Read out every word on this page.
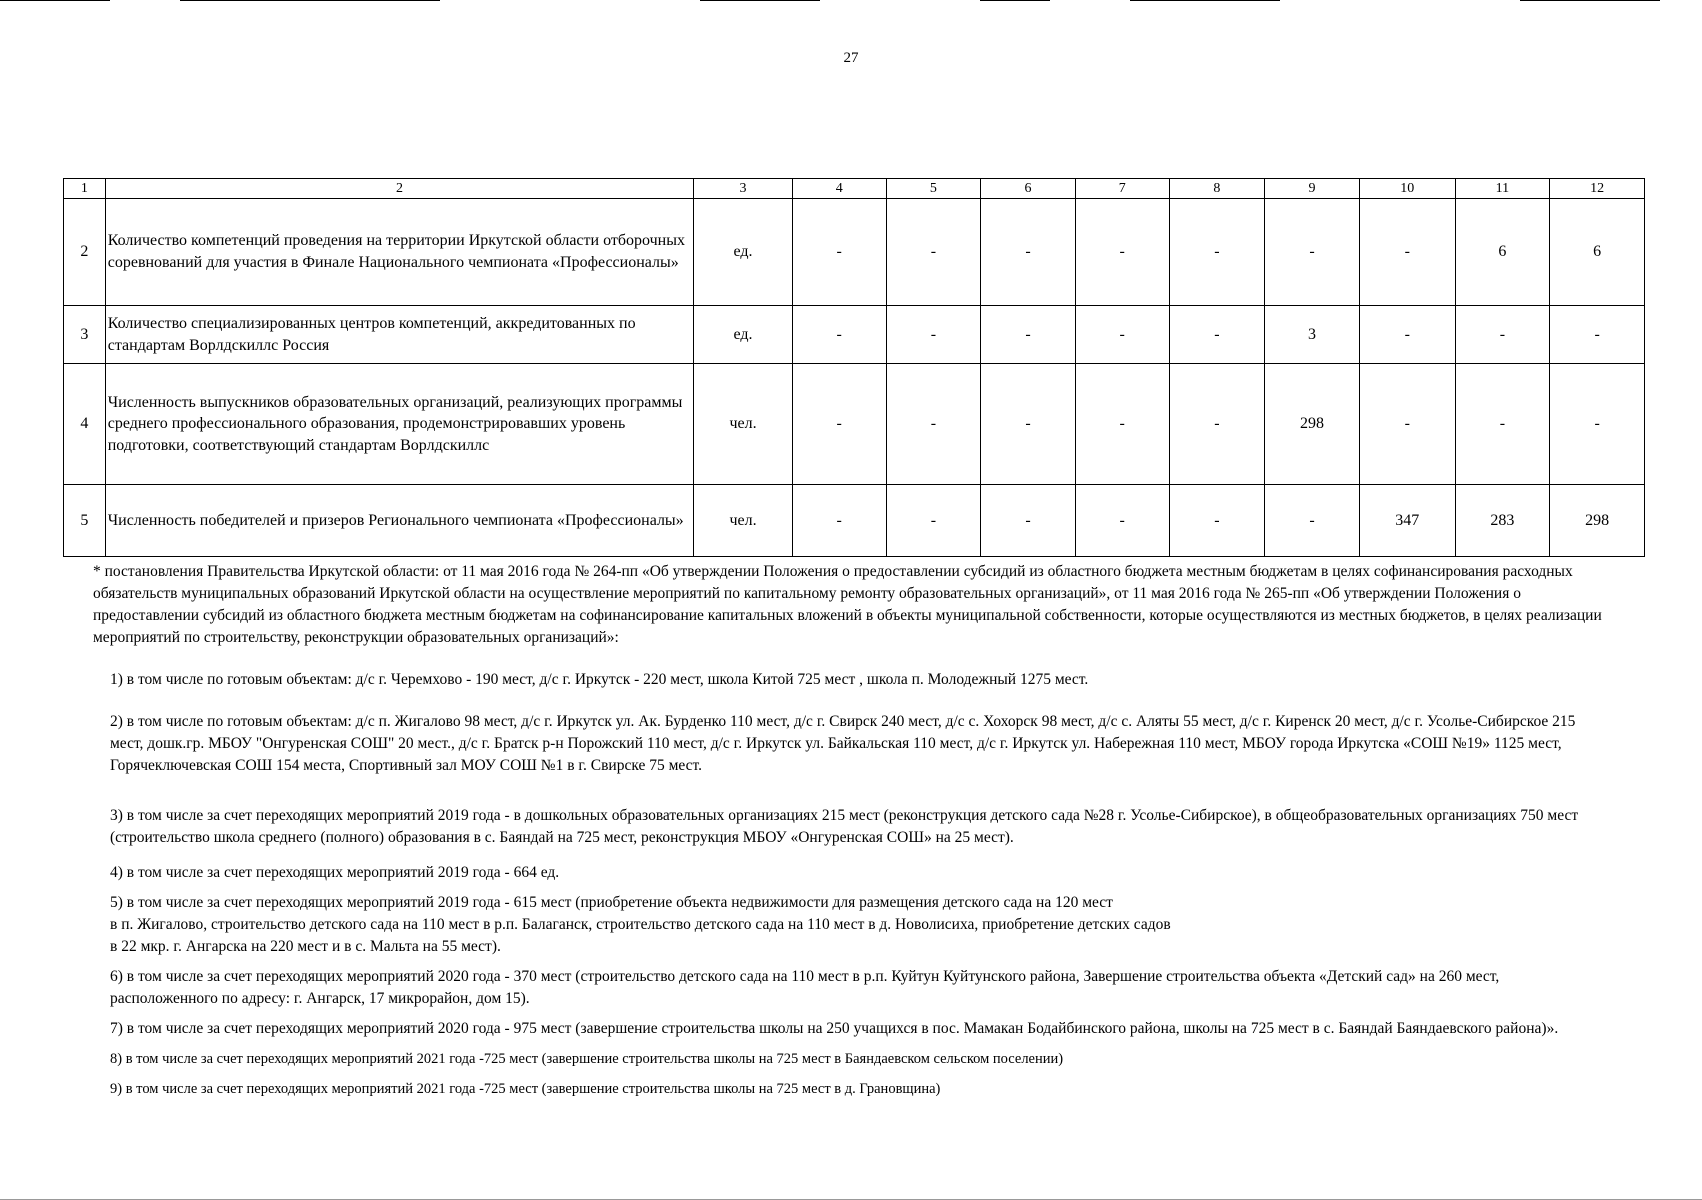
27
1	2	3	4	5	6	7	8	9	10	11	12
2	Количество компетенций проведения на территории Иркутской области отборочных соревнований для участия в Финале Национального чемпионата «Профессионалы»	ед.	-	-	-	-	-	-	-	6	6
3	Количество специализированных центров компетенций, аккредитованных по стандартам Ворлдскиллс Россия	ед.	-	-	-	-	-	3	-	-	-
4	Численность выпускников образовательных организаций, реализующих программы среднего профессионального образования, продемонстрировавших уровень подготовки, соответствующий стандартам Ворлдскиллс	чел.	-	-	-	-	-	298	-	-	-
5	Численность победителей и призеров Регионального чемпионата «Профессионалы»	чел.	-	-	-	-	-	-	347	283	298

* постановления Правительства Иркутской области: от 11 мая 2016 года № 264-пп «Об утверждении Положения о предоставлении субсидий из областного бюджета местным бюджетам в целях софинансирования расходных обязательств муниципальных образований Иркутской области на осуществление мероприятий по капитальному ремонту образовательных организаций», от 11 мая 2016 года № 265-пп «Об утверждении Положения о предоставлении субсидий из областного бюджета местным бюджетам на софинансирование капитальных вложений в объекты муниципальной собственности, которые осуществляются из местных бюджетов, в целях реализации мероприятий по строительству, реконструкции образовательных организаций»:

1) в том числе по готовым объектам: д/с г. Черемхово - 190 мест, д/с г. Иркутск - 220 мест, школа Китой 725 мест , школа п. Молодежный 1275 мест.

2) в том числе по готовым объектам: д/с п. Жигалово 98 мест, д/с г. Иркутск ул. Ак. Бурденко 110 мест, д/с г. Свирск 240 мест, д/с с. Хохорск 98 мест, д/с с. Аляты 55 мест, д/с г. Киренск 20 мест, д/с г. Усолье-Сибирское 215 мест, дошк.гр. МБОУ "Онгуренская СОШ" 20 мест., д/с г. Братск р-н Порожский 110 мест, д/с г. Иркутск ул. Байкальская 110 мест, д/с г. Иркутск ул. Набережная 110 мест, МБОУ города Иркутска «СОШ №19» 1125 мест, Горячеключевская СОШ 154 места, Спортивный зал МОУ СОШ №1 в г. Свирске 75 мест.

3) в том числе за счет переходящих мероприятий 2019 года - в дошкольных образовательных организациях 215 мест (реконструкция детского сада №28 г. Усолье-Сибирское), в общеобразовательных организациях 750 мест (строительство школа среднего (полного) образования в с. Баяндай на 725 мест, реконструкция МБОУ «Онгуренская СОШ» на 25 мест).

4) в том числе за счет переходящих мероприятий 2019 года - 664 ед.

5) в том числе за счет переходящих мероприятий 2019 года - 615 мест (приобретение объекта недвижимости для размещения детского сада на 120 мест

в п. Жигалово, строительство детского сада на 110 мест в р.п. Балаганск, строительство детского сада на 110 мест в д. Новолисиха, приобретение детских садов

в 22 мкр. г. Ангарска на 220 мест и в с. Мальта на 55 мест).

6) в том числе за счет переходящих мероприятий 2020 года - 370 мест (строительство детского сада на 110 мест в р.п. Куйтун Куйтунского района, Завершение строительства объекта «Детский сад» на 260 мест, расположенного по адресу: г. Ангарск, 17 микрорайон, дом 15).

7) в том числе за счет переходящих мероприятий 2020 года - 975 мест (завершение строительства школы на 250 учащихся в пос. Мамакан Бодайбинского района, школы на 725 мест в с. Баяндай Баяндаевского района)».

8) в том числе за счет переходящих мероприятий 2021 года -725 мест (завершение строительства школы на 725 мест в Баяндаевском сельском поселении)

9) в том числе за счет переходящих мероприятий 2021 года -725 мест (завершение строительства школы на 725 мест в д. Грановщина)
